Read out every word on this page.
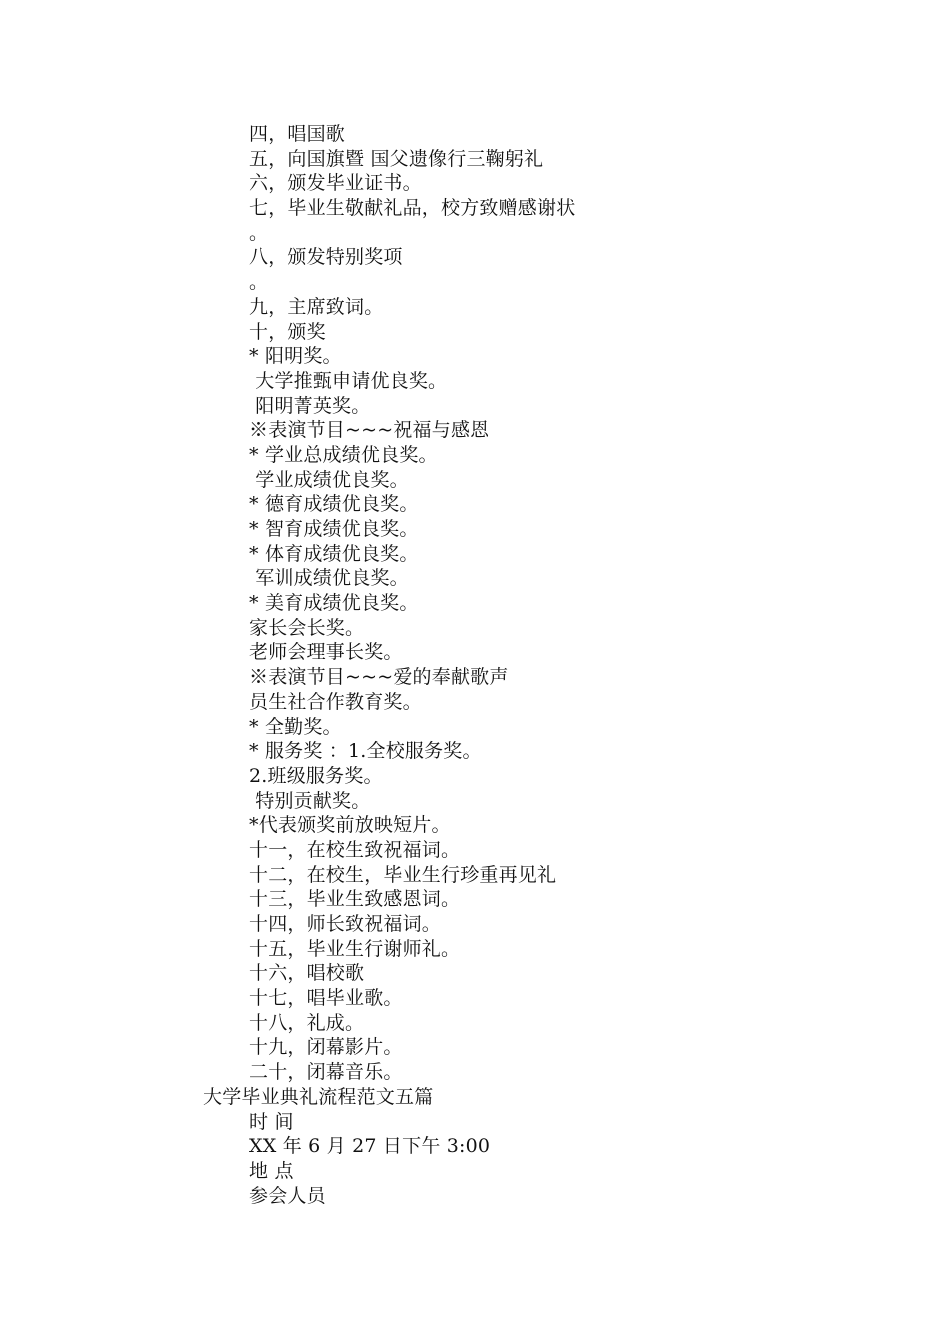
四，唱国歌
五，向国旗暨 国父遗像行三鞠躬礼
六，颁发毕业证书。
七，毕业生敬献礼品，校方致赠感谢状
。
八，颁发特别奖项
。
九，主席致词。
十，颁奖
* 阳明奖。
大学推甄申请优良奖。
阳明菁英奖。
※表演节目~~~祝福与感恩
* 学业总成绩优良奖。
学业成绩优良奖。
* 德育成绩优良奖。
* 智育成绩优良奖。
* 体育成绩优良奖。
军训成绩优良奖。
* 美育成绩优良奖。
家长会长奖。
老师会理事长奖。
※表演节目~~~爱的奉献歌声
员生社合作教育奖。
* 全勤奖。
* 服务奖 ：1.全校服务奖。
2.班级服务奖。
特别贡献奖。
*代表颁奖前放映短片。
十一，在校生致祝福词。
十二，在校生，毕业生行珍重再见礼
十三，毕业生致感恩词。
十四，师长致祝福词。
十五，毕业生行谢师礼。
十六，唱校歌
十七，唱毕业歌。
十八，礼成。
十九，闭幕影片。
二十，闭幕音乐。
大学毕业典礼流程范文五篇
时 间
XX 年 6 月 27 日下午 3:00
地 点
参会人员
